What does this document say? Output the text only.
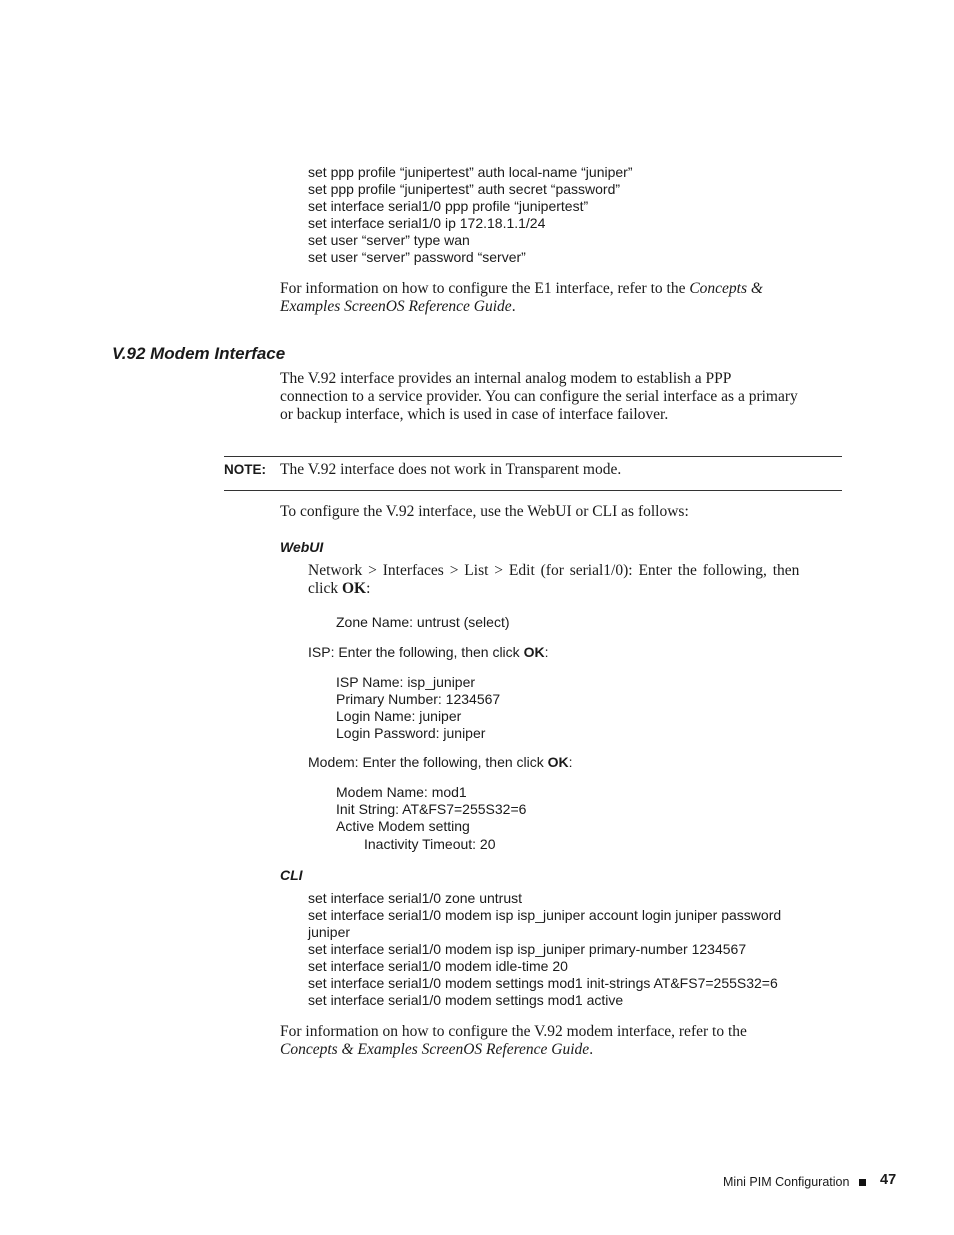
set ppp profile “junipertest” auth local-name “juniper”
set ppp profile “junipertest” auth secret “password”
set interface serial1/0 ppp profile “junipertest”
set interface serial1/0 ip 172.18.1.1/24
set user “server” type wan
set user “server” password “server”
For information on how to configure the E1 interface, refer to the Concepts &
Examples ScreenOS Reference Guide.
V.92 Modem Interface
The V.92 interface provides an internal analog modem to establish a PPP
connection to a service provider. You can configure the serial interface as a primary
or backup interface, which is used in case of interface failover.
NOTE: The V.92 interface does not work in Transparent mode.
To configure the V.92 interface, use the WebUI or CLI as follows:
WebUI
Network > Interfaces > List > Edit (for serial1/0): Enter the following, then
click OK:
Zone Name: untrust (select)
ISP: Enter the following, then click OK:
ISP Name: isp_juniper
Primary Number: 1234567
Login Name: juniper
Login Password: juniper
Modem: Enter the following, then click OK:
Modem Name: mod1
Init String: AT&FS7=255S32=6
Active Modem setting
Inactivity Timeout: 20
CLI
set interface serial1/0 zone untrust
set interface serial1/0 modem isp isp_juniper account login juniper password
juniper
set interface serial1/0 modem isp isp_juniper primary-number 1234567
set interface serial1/0 modem idle-time 20
set interface serial1/0 modem settings mod1 init-strings AT&FS7=255S32=6
set interface serial1/0 modem settings mod1 active
For information on how to configure the V.92 modem interface, refer to the
Concepts & Examples ScreenOS Reference Guide.
Mini PIM Configuration 47
